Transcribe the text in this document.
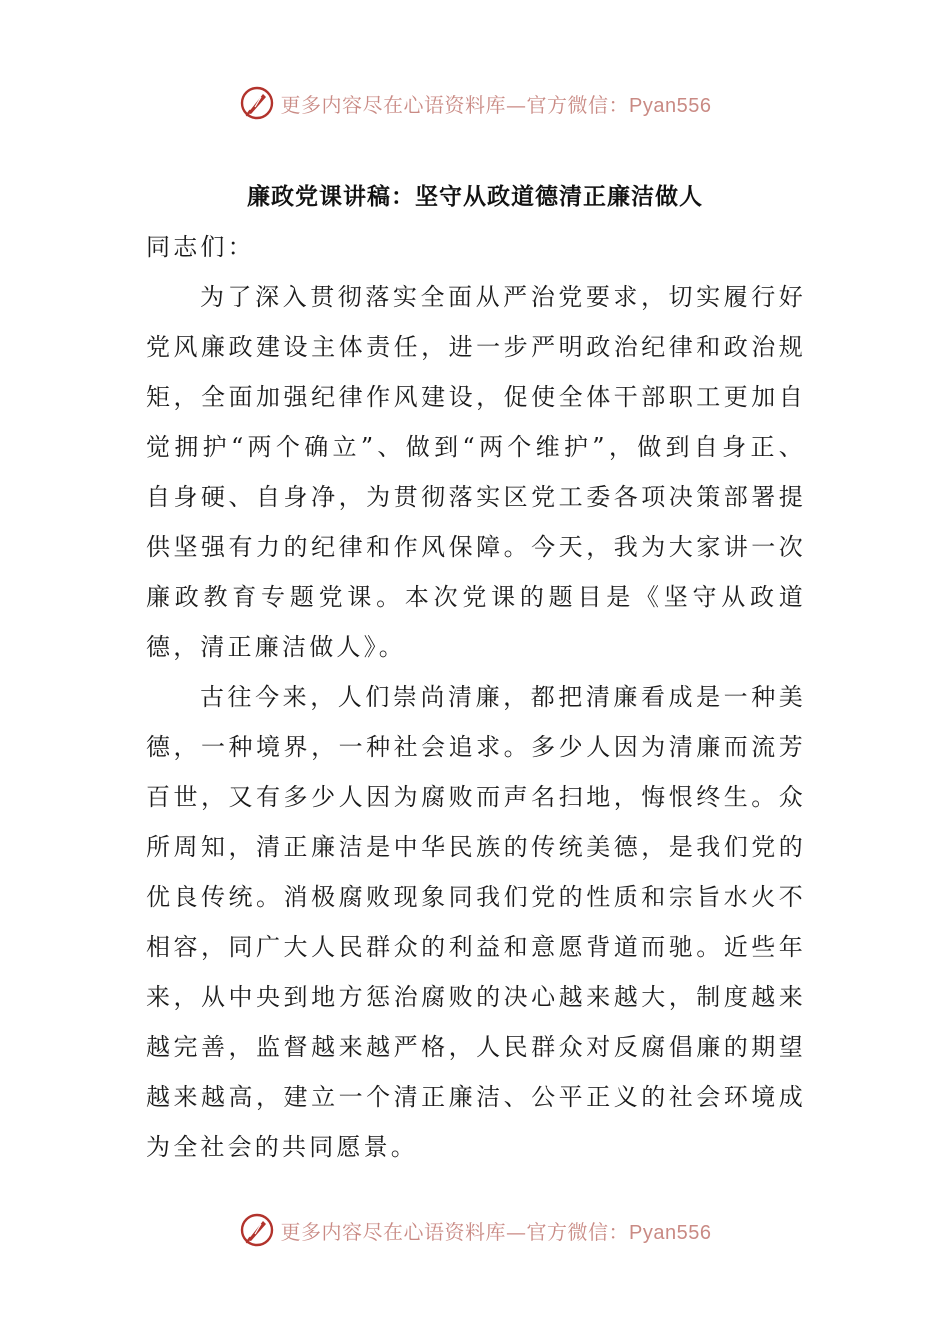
更多内容尽在心语资料库—官方微信：Pyan556
廉政党课讲稿：坚守从政道德清正廉洁做人

同志们：

为了深入贯彻落实全面从严治党要求，切实履行好党风廉政建设主体责任，进一步严明政治纪律和政治规矩，全面加强纪律作风建设，促使全体干部职工更加自觉拥护“两个确立”、做到“两个维护”，做到自身正、自身硬、自身净，为贯彻落实区党工委各项决策部署提供坚强有力的纪律和作风保障。今天，我为大家讲一次廉政教育专题党课。本次党课的题目是《坚守从政道德，清正廉洁做人》。

古往今来，人们崇尚清廉，都把清廉看成是一种美德，一种境界，一种社会追求。多少人因为清廉而流芳百世，又有多少人因为腐败而声名扫地，悔恨终生。众所周知，清正廉洁是中华民族的传统美德，是我们党的优良传统。消极腐败现象同我们党的性质和宗旨水火不相容，同广大人民群众的利益和意愿背道而驰。近些年来，从中央到地方惩治腐败的决心越来越大，制度越来越完善，监督越来越严格，人民群众对反腐倡廉的期望越来越高，建立一个清正廉洁、公平正义的社会环境成为全社会的共同愿景。

更多内容尽在心语资料库—官方微信：Pyan556
